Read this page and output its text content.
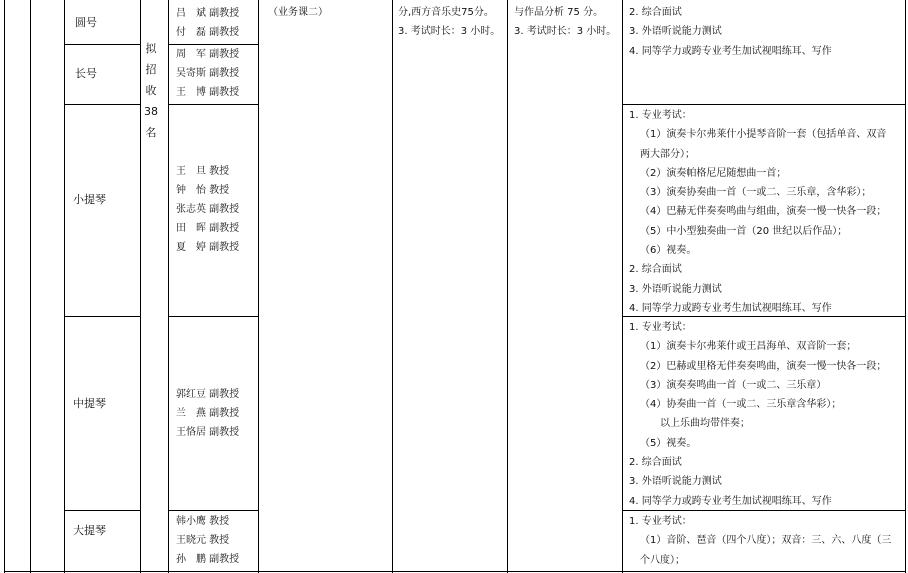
圆号
长号
小提琴
中提琴
大提琴
拟
招
收
38
名
吕　斌 副教授
付　磊 副教授
周　军 副教授
吴寄斯 副教授
王　博 副教授
王　旦 教授
钟　怡 教授
张志英 副教授
田　晖 副教授
夏　婷 副教授
郭红豆 副教授
兰　燕 副教授
王恪居 副教授
韩小鹰 教授
王晓元 教授
孙　鹏 副教授
（业务课二）	分,西方音乐史75分。
3. 考试时长：3 小时。
与作品分析 75 分。
3. 考试时长：3 小时。
2. 综合面试
3. 外语听说能力测试
4. 同等学力或跨专业考生加试视唱练耳、写作
1. 专业考试：
（1）演奏卡尔弗莱什小提琴音阶一套（包括单音、双音
两大部分）；
（2）演奏帕格尼尼随想曲一首；
（3）演奏协奏曲一首（一或二、三乐章，含华彩）；
（4）巴赫无伴奏奏鸣曲与组曲，演奏一慢一快各一段；
（5）中小型独奏曲一首（20 世纪以后作品）；
（6）视奏。
2. 综合面试
3. 外语听说能力测试
4. 同等学力或跨专业考生加试视唱练耳、写作
1. 专业考试：
（1）演奏卡尔弗莱什或王昌海单、双音阶一套；
（2）巴赫或里格无伴奏奏鸣曲，演奏一慢一快各一段；
（3）演奏奏鸣曲一首（一或二、三乐章）
（4）协奏曲一首（一或二、三乐章含华彩）；
　　以上乐曲均带伴奏；
（5）视奏。
2. 综合面试
3. 外语听说能力测试
4. 同等学力或跨专业考生加试视唱练耳、写作
1. 专业考试：
（1）音阶、琶音（四个八度）；双音：三、六、八度（三
个八度）；
